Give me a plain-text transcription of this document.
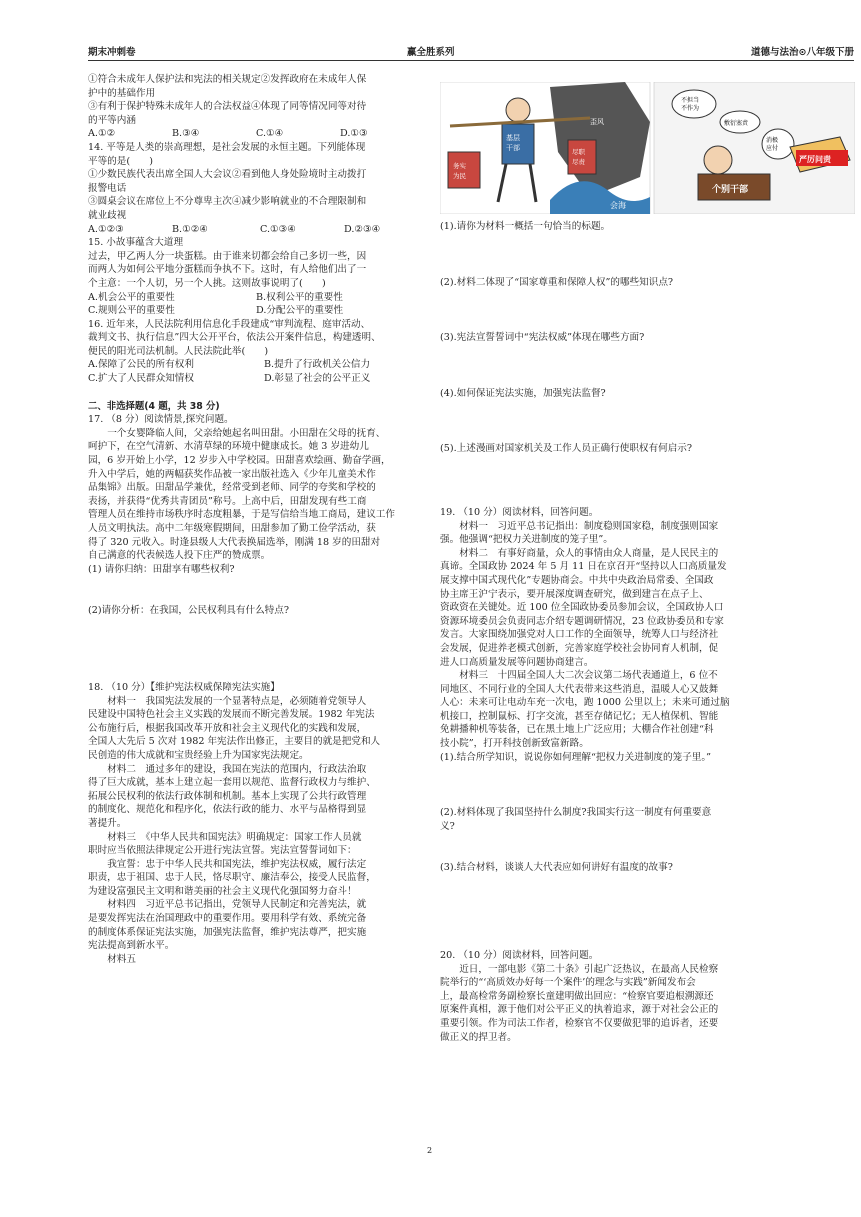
期末冲刺卷	赢全胜系列	道德与法治⊙八年级下册

①符合未成年人保护法和宪法的相关规定②发挥政府在未成年人保

护中的基础作用

③有利于保护特殊未成年人的合法权益④体现了同等情况同等对待

的平等内涵

A.①②	B.③④	C.①④	D.①③

14. 平等是人类的崇高理想，是社会发展的永恒主题。下列能体现

平等的是(　　)

①少数民族代表出席全国人大会议②看到他人身处险境时主动拨打

报警电话

③圆桌会议在席位上不分尊卑主次④减少影响就业的不合理限制和

就业歧视

A.①②③	B.①②④	C.①③④	D.②③④

15. 小故事蕴含大道理

过去，甲乙两人分一块蛋糕。由于谁来切都会给自己多切一些，因

而两人为如何公平地分蛋糕而争执不下。这时，有人给他们出了一

个主意：一个人切，另一个人挑。这则故事说明了(　　)

A.机会公平的重要性	B.权利公平的重要性
C.规则公平的重要性	D.分配公平的重要性

16. 近年来，人民法院利用信息化手段建成“审判流程、庭审活动、

裁判文书、执行信息”四大公开平台，依法公开案件信息，构建透明、

便民的阳光司法机制。人民法院此举(　　)

A.保障了公民的所有权利	B.提升了行政机关公信力
C.扩大了人民群众知情权	D.彰显了社会的公平正义

二、非选择题(4 题，共 38 分)

17. （8 分）阅读情景,探究问题。

一个女婴降临人间，父亲给她起名叫田甜。小田甜在父母的抚育、

呵护下，在空气清新、水清草绿的环境中健康成长。她 3 岁进幼儿

园，6 岁开始上小学，12 岁步入中学校园。田甜喜欢绘画、勤奋学画，

升入中学后，她的两幅获奖作品被一家出版社选入《少年儿童美术作

品集锦》出版。田甜品学兼优，经常受到老师、同学的夸奖和学校的

表扬，并获得“优秀共青团员”称号。上高中后，田甜发现有些工商

管理人员在维持市场秩序时态度粗暴，于是写信给当地工商局，建议工作

人员文明执法。高中二年级寒假期间，田甜参加了勤工俭学活动，获

得了 320 元收入。时逢县级人大代表换届选举，刚满 18 岁的田甜对

自己满意的代表候选人投下庄严的赞成票。

(1) 请你归纳：田甜享有哪些权利?

(2)请你分析：在我国，公民权利具有什么特点?

18. （10 分）【维护宪法权威保障宪法实施】

材料一　我国宪法发展的一个显著特点是，必须随着党领导人

民建设中国特色社会主义实践的发展而不断完善发展。1982 年宪法

公布施行后，根据我国改革开放和社会主义现代化的实践和发展，

全国人大先后 5 次对 1982 年宪法作出修正，主要目的就是把党和人

民创造的伟大成就和宝贵经验上升为国家宪法规定。

材料二　通过多年的建设，我国在宪法的范围内，行政法治取

得了巨大成就，基本上建立起一套用以规范、监督行政权力与维护、

拓展公民权利的依法行政体制和机制。基本上实现了公共行政管理

的制度化、规范化和程序化，依法行政的能力、水平与品格得到显

著提升。

材料三　《中华人民共和国宪法》明确规定：国家工作人员就

职时应当依照法律规定公开进行宪法宣誓。宪法宣誓誓词如下：

我宣誓：忠于中华人民共和国宪法，维护宪法权威，履行法定

职责，忠于祖国、忠于人民，恪尽职守、廉洁奉公，接受人民监督，

为建设富强民主文明和谐美丽的社会主义现代化强国努力奋斗！

材料四　习近平总书记指出，党领导人民制定和完善宪法，就

是要发挥宪法在治国理政中的重要作用。要用科学有效、系统完备

的制度体系保证宪法实施，加强宪法监督，维护宪法尊严，把实施

宪法提高到新水平。

材料五

歪风
会海
基层
干部
务实
为民
尽职
尽责
不担当
不作为
敷衍塞责
消极
应付
个别干部
严厉问责

(1).请你为材料一概括一句恰当的标题。

(2).材料二体现了“国家尊重和保障人权”的哪些知识点?

(3).宪法宣誓誓词中“宪法权威”体现在哪些方面?

(4).如何保证宪法实施，加强宪法监督?

(5).上述漫画对国家机关及工作人员正确行使职权有何启示?

19. （10 分）阅读材料，回答问题。

材料一　习近平总书记指出：制度稳则国家稳，制度强则国家

强。他强调“把权力关进制度的笼子里”。

材料二　有事好商量，众人的事情由众人商量，是人民民主的

真谛。全国政协 2024 年 5 月 11 日在京召开“坚持以人口高质量发

展支撑中国式现代化”专题协商会。中共中央政治局常委、全国政

协主席王沪宁表示，要开展深度调查研究，做到建言在点子上、

资政资在关键处。近 100 位全国政协委员参加会议，全国政协人口

资源环境委员会负责同志介绍专题调研情况，23 位政协委员和专家

发言。大家围绕加强党对人口工作的全面领导，统筹人口与经济社

会发展，促进养老模式创新，完善家庭学校社会协同育人机制，促

进人口高质量发展等问题协商建言。

材料三　十四届全国人大二次会议第二场代表通道上，6 位不

同地区、不同行业的全国人大代表带来这些消息，温暖人心又鼓舞

人心：未来可让电动车充一次电，跑 1000 公里以上；未来可通过脑

机接口，控制鼠标、打字交流，甚至存储记忆；无人植保机、智能

免耕播种机等装备，已在黑土地上广泛应用；大棚合作社创建“科

技小院”，打开科技创新致富新路。

(1).结合所学知识，说说你如何理解“把权力关进制度的笼子里。”

(2).材料体现了我国坚持什么制度?我国实行这一制度有何重要意

义?

(3).结合材料，谈谈人大代表应如何讲好有温度的故事?

20. （10 分）阅读材料，回答问题。

近日，一部电影《第二十条》引起广泛热议，在最高人民检察

院举行的“‘高质效办好每一个案件’的理念与实践”新闻发布会

上，最高检常务副检察长童建明做出回应：“检察官要追根溯源还

原案件真相，源于他们对公平正义的执着追求，源于对社会公正的

重要引领。作为司法工作者，检察官不仅要做犯罪的追诉者，还要

做正义的捍卫者。

2
